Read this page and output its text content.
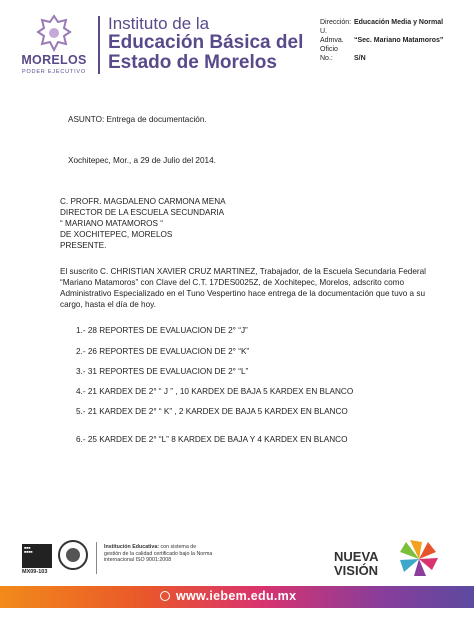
MORELOS
PODER EJECUTIVO
Instituto de la
Educación Básica del
Estado de Morelos
Dirección: Educación Media y Normal
U. Admva. “Sec. Mariano Matamoros”
Oficio No.:	S/N
ASUNTO: Entrega de documentación.
Xochitepec, Mor., a 29 de Julio del 2014.
C. PROFR. MAGDALENO CARMONA MENA
DIRECTOR DE LA ESCUELA SECUNDARIA
“ MARIANO MATAMOROS “
DE XOCHITEPEC, MORELOS
PRESENTE.
El suscrito C. CHRISTIAN XAVIER CRUZ MARTINEZ, Trabajador, de la Escuela Secundaria Federal “Mariano Matamoros” con Clave del C.T. 17DES0025Z, de Xochitepec, Morelos, adscrito como Administrativo Especializado en el Tuno Vespertino hace entrega de la documentación que tuvo a su cargo, hasta el día de hoy.
1.- 28 REPORTES DE EVALUACION DE 2° “J”
2.- 26 REPORTES DE EVALUACION DE 2° “K”
3.- 31 REPORTES DE EVALUACION DE 2° “L”
4.- 21 KARDEX DE 2° “ J ” , 10 KARDEX DE BAJA 5 KARDEX EN BLANCO
5.- 21 KARDEX DE 2° “ K” , 2 KARDEX DE BAJA 5 KARDEX EN BLANCO
6.- 25 KARDEX DE 2° “L” 8 KARDEX DE BAJA Y 4 KARDEX EN BLANCO
■■■
■■■■
MX09-103
Institución Educativa: con sistema de gestión de la calidad certificado bajo la Norma internacional ISO 9001:2008	NUEVA
VISIÓN
www.iebem.edu.mx
